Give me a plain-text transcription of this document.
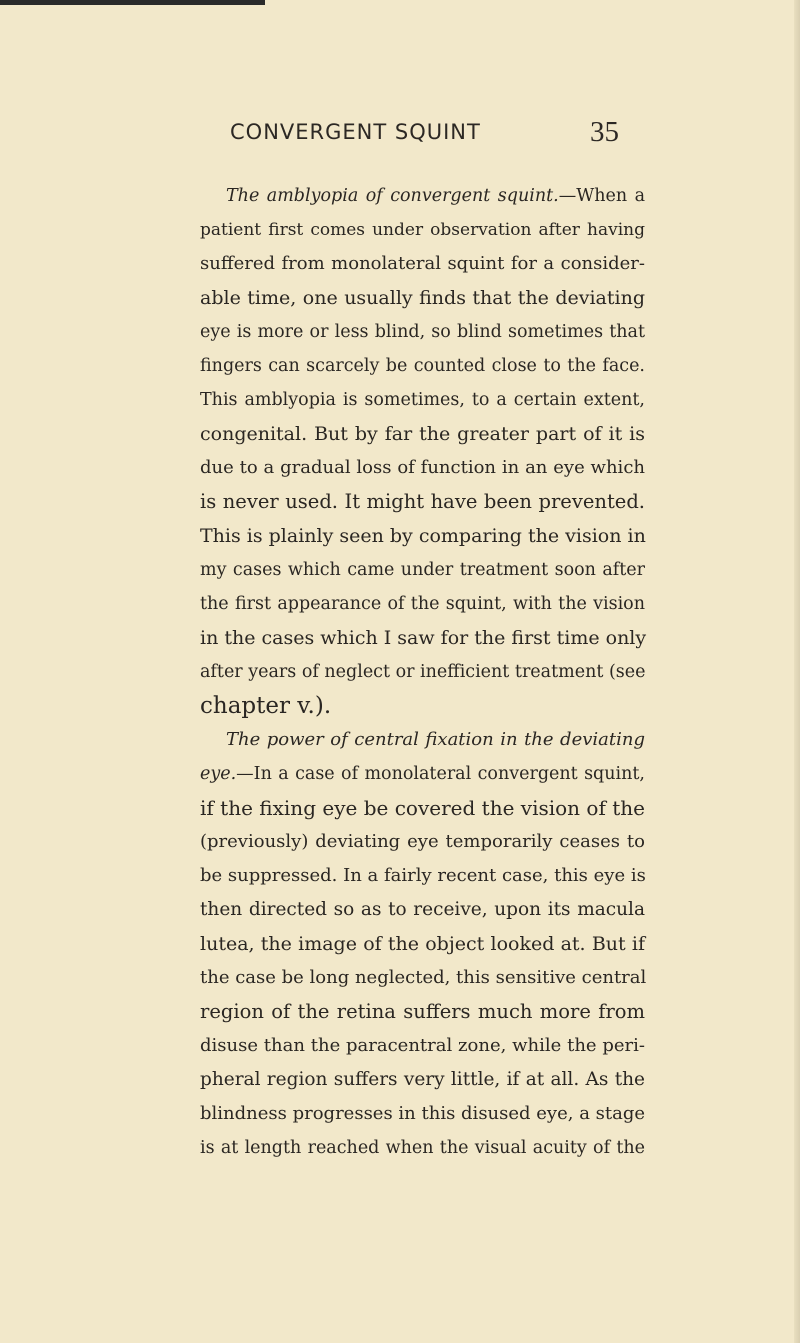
CONVERGENT SQUINT	35
The amblyopia of convergent squint.—When a
patient first comes under observation after having
suffered from monolateral squint for a consider-
able time, one usually finds that the deviating
eye is more or less blind, so blind sometimes that
fingers can scarcely be counted close to the face.
This amblyopia is sometimes, to a certain extent,
congenital. But by far the greater part of it is
due to a gradual loss of function in an eye which
is never used. It might have been prevented.
This is plainly seen by comparing the vision in
my cases which came under treatment soon after
the first appearance of the squint, with the vision
in the cases which I saw for the first time only
after years of neglect or inefficient treatment (see
chapter v.).
The power of central fixation in the deviating
eye.—In a case of monolateral convergent squint,
if the fixing eye be covered the vision of the
(previously) deviating eye temporarily ceases to
be suppressed. In a fairly recent case, this eye is
then directed so as to receive, upon its macula
lutea, the image of the object looked at. But if
the case be long neglected, this sensitive central
region of the retina suffers much more from
disuse than the paracentral zone, while the peri-
pheral region suffers very little, if at all. As the
blindness progresses in this disused eye, a stage
is at length reached when the visual acuity of the
